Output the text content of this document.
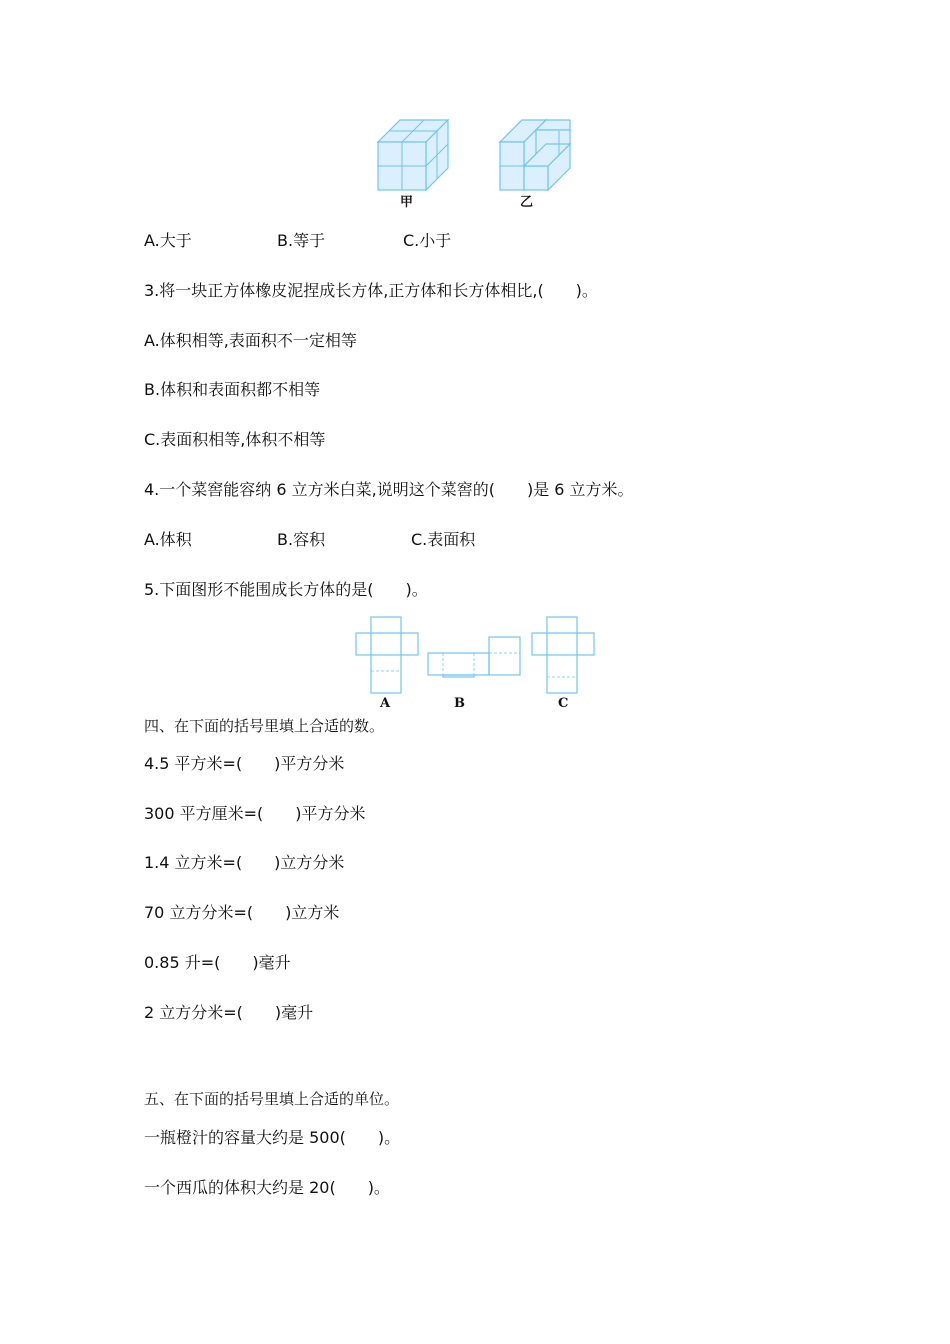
甲	乙
A.大于	B.等于	C.小于
3.将一块正方体橡皮泥捏成长方体,正方体和长方体相比,(　　)。
A.体积相等,表面积不一定相等
B.体积和表面积都不相等
C.表面积相等,体积不相等
4.一个菜窖能容纳 6 立方米白菜,说明这个菜窖的(　　)是 6 立方米。
A.体积	B.容积	C.表面积
5.下面图形不能围成长方体的是(　　)。
A	B	C
四、在下面的括号里填上合适的数。
4.5 平方米=(　　)平方分米
300 平方厘米=(　　)平方分米
1.4 立方米=(　　)立方分米
70 立方分米=(　　)立方米
0.85 升=(　　)毫升
2 立方分米=(　　)毫升
五、在下面的括号里填上合适的单位。
一瓶橙汁的容量大约是 500(　　)。
一个西瓜的体积大约是 20(　　)。
